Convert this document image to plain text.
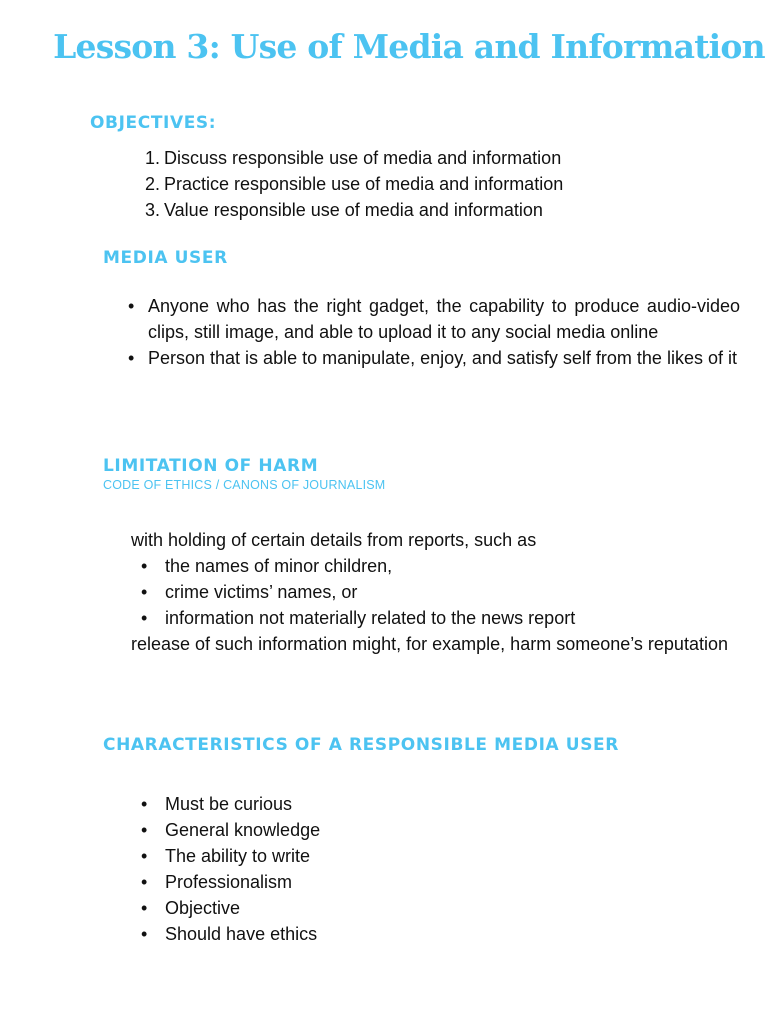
Lesson 3: Use of Media and Information
OBJECTIVES:
1. Discuss responsible use of media and information
2. Practice responsible use of media and information
3. Value responsible use of media and information
MEDIA USER
• Anyone who has the right gadget, the capability to produce audio-video clips, still image, and able to upload it to any social media online
• Person that is able to manipulate, enjoy, and satisfy self from the likes of it
LIMITATION OF HARM
CODE OF ETHICS / CANONS OF JOURNALISM
with holding of certain details from reports, such as
• the names of minor children,
• crime victims’ names, or
• information not materially related to the news report
release of such information might, for example, harm someone’s reputation
CHARACTERISTICS OF A RESPONSIBLE MEDIA USER
• Must be curious
• General knowledge
• The ability to write
• Professionalism
• Objective
• Should have ethics
